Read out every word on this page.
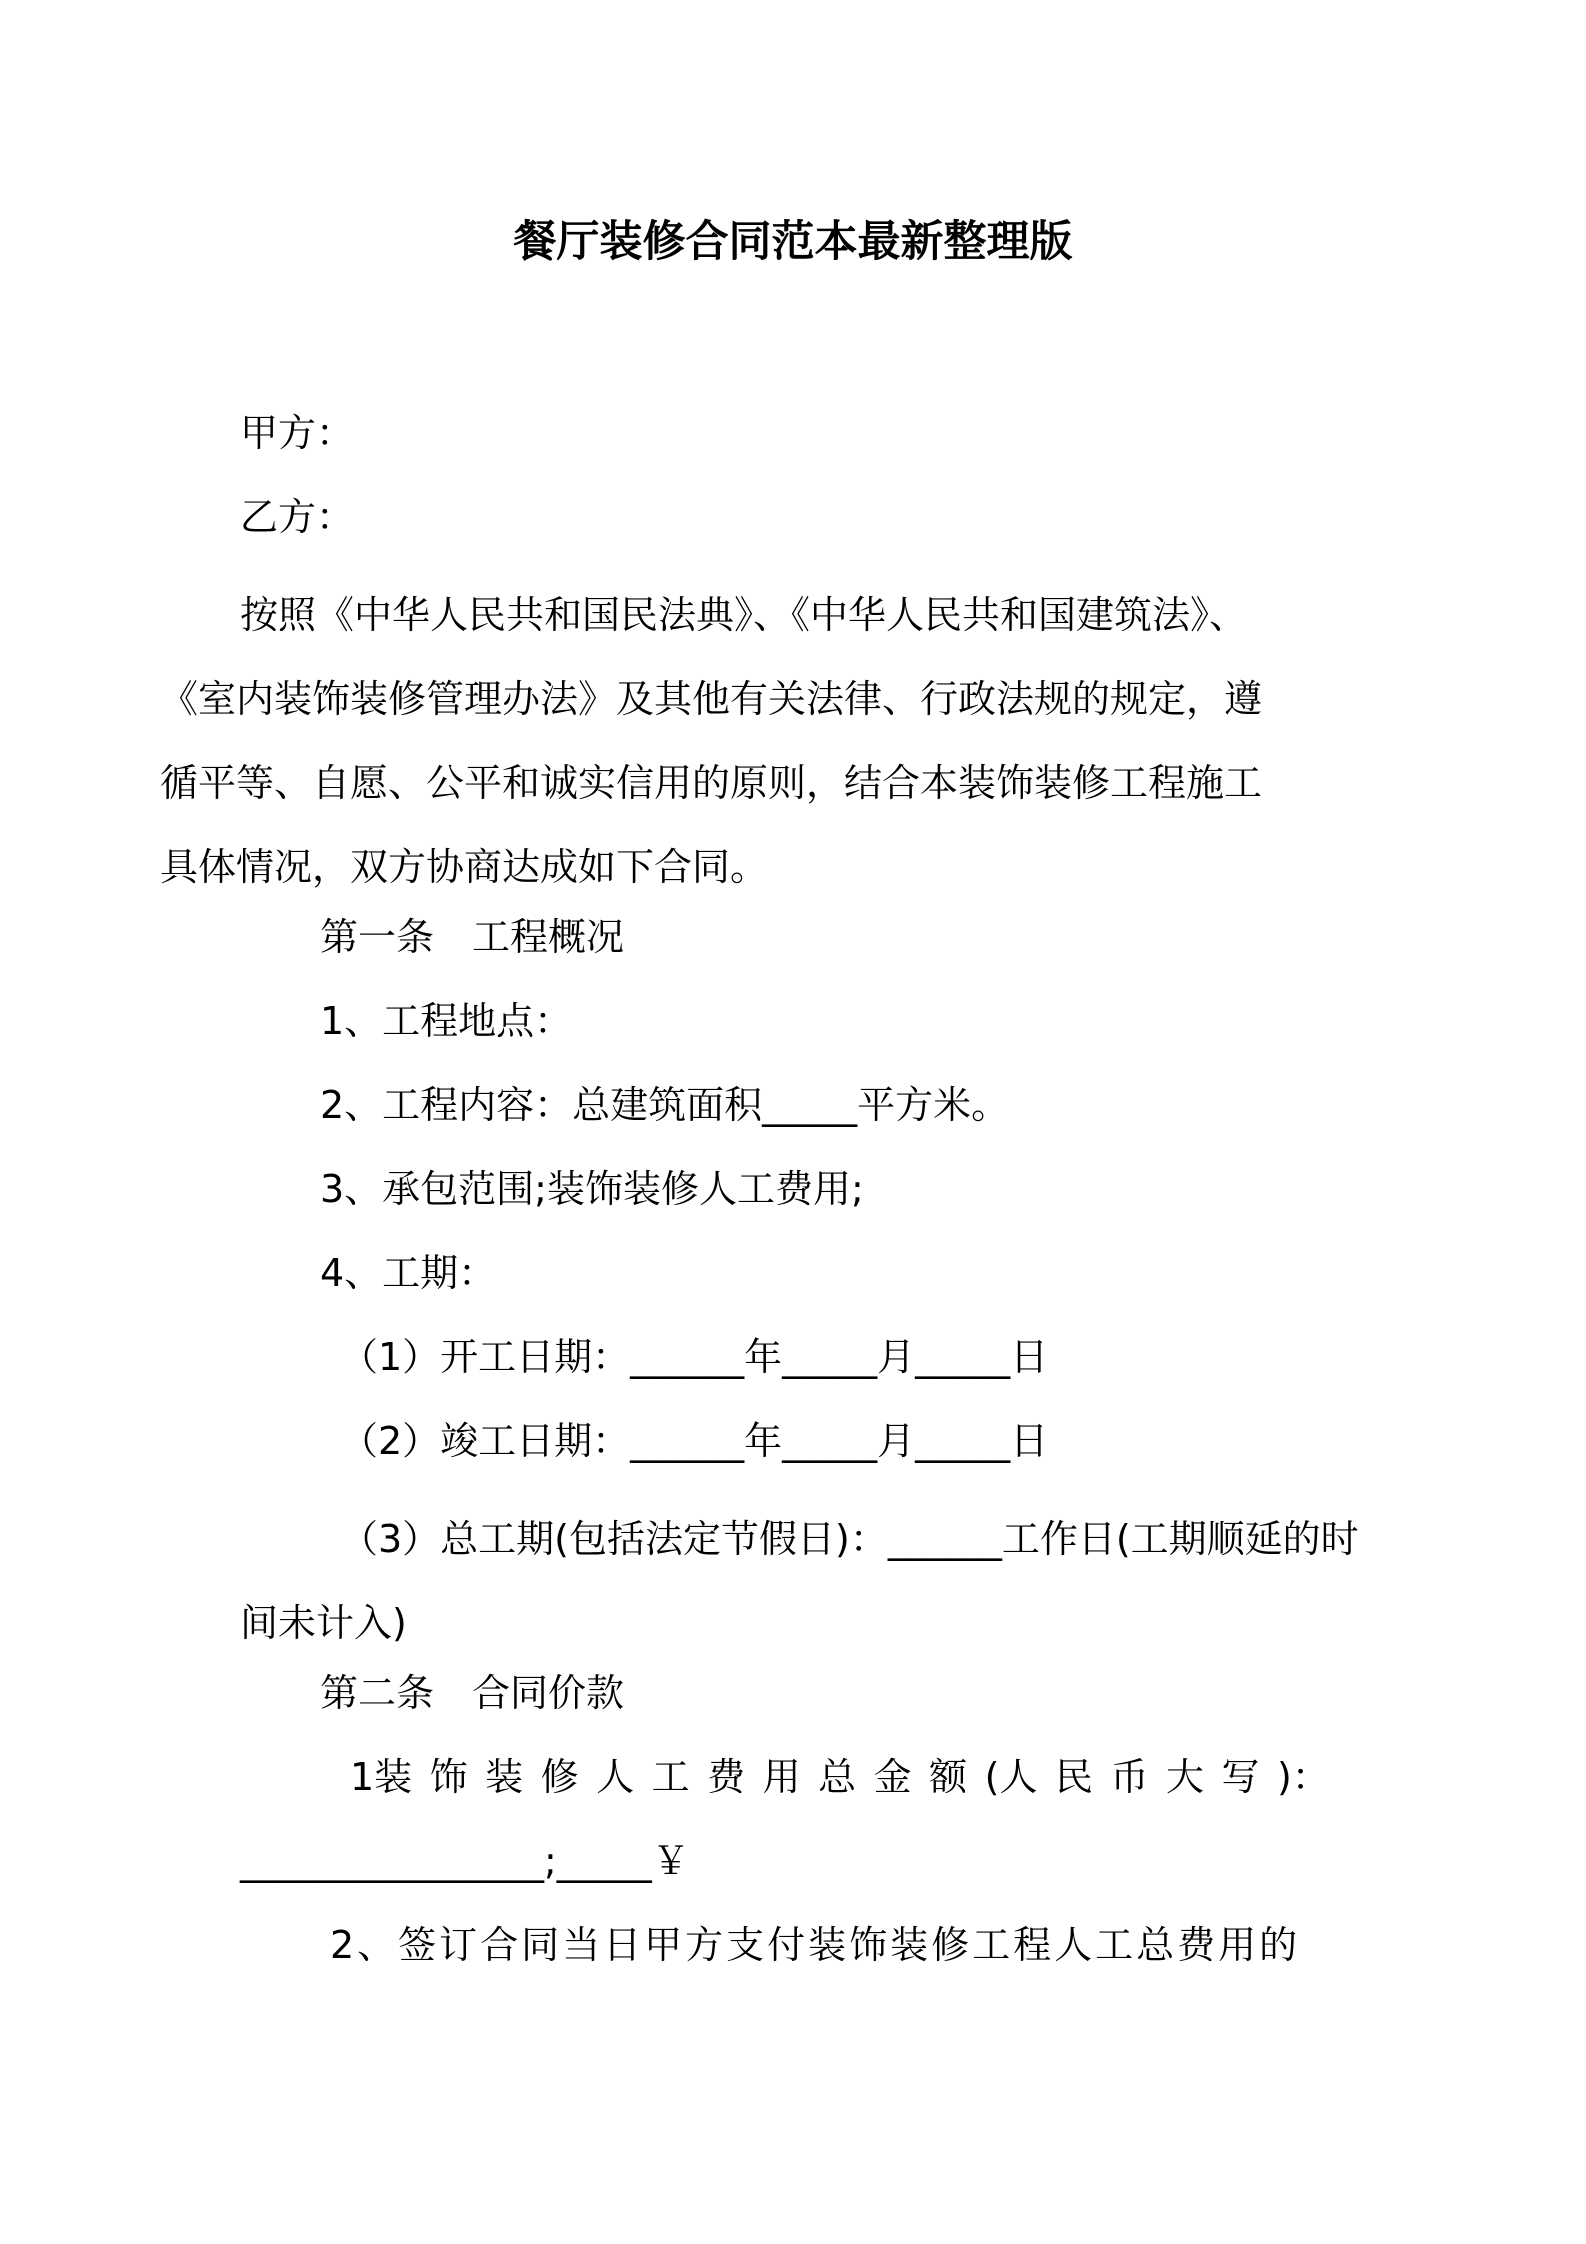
餐厅装修合同范本最新整理版
甲方：
乙方：
按照《中华人民共和国民法典》、《中华人民共和国建筑法》、《室内装饰装修管理办法》及其他有关法律、行政法规的规定，遵循平等、自愿、公平和诚实信用的原则，结合本装饰装修工程施工具体情况，双方协商达成如下合同。
第一条　工程概况
1、工程地点：
2、工程内容：总建筑面积_____平方米。
3、承包范围;装饰装修人工费用;
4、工期：
（1）开工日期：______年_____月_____日
（2）竣工日期：______年_____月_____日
（3）总工期(包括法定节假日)：______工作日(工期顺延的时间未计入)
第二条　合同价款
1装 饰 装 修 人 工 费 用 总 金 额 (人 民 币 大 写 )：
________________;_____￥
2、签订合同当日甲方支付装饰装修工程人工总费用的
